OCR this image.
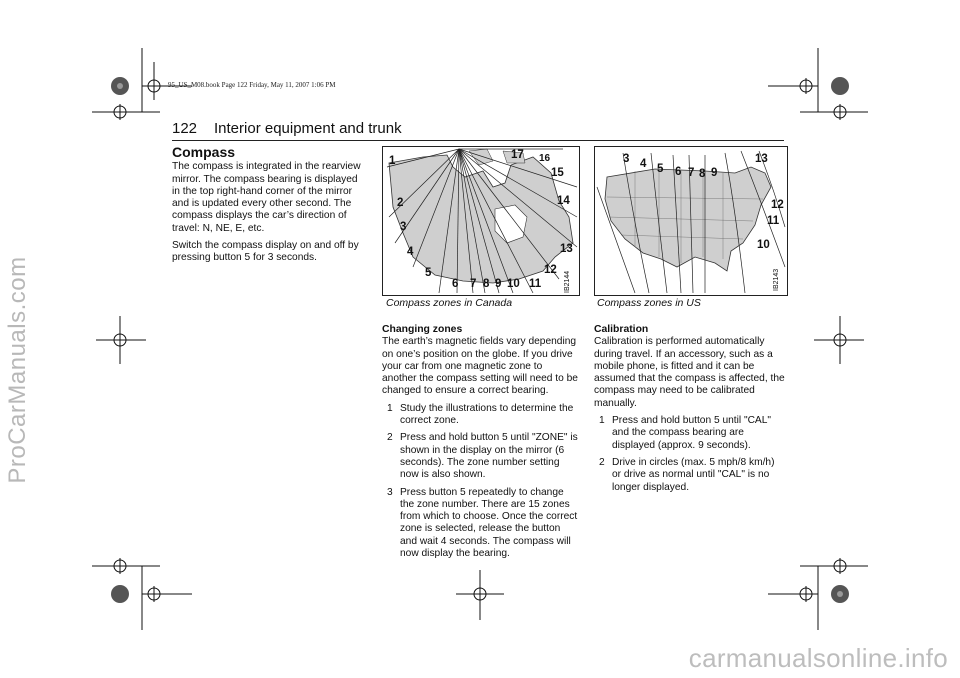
ProCarManuals.com
carmanualsonline.info
95_US_M08.book Page 122 Friday, May 11, 2007 1:06 PM
122 Interior equipment and trunk
Compass

The compass is integrated in the rearview mirror. The compass bearing is displayed in the top right-hand corner of the mirror and is updated every other second. The compass displays the car’s direction of travel: N, NE, E, etc.

Switch the compass display on and off by pressing button 5 for 3 seconds.

1
2
3
4
5
6 7 8 9 10 11
12
13
14
15
16
17
IB2144
Compass zones in Canada
3 4 5 6 7 8 9
10
11
12
13
IB2143
Compass zones in US
Changing zones

The earth’s magnetic fields vary depending on one’s position on the globe. If you drive your car from one magnetic zone to another the compass setting will need to be changed to ensure a correct bearing.

1 Study the illustrations to determine the correct zone.
2 Press and hold button 5 until "ZONE" is shown in the display on the mirror (6 seconds). The zone number setting now is also shown.
3 Press button 5 repeatedly to change the zone number. There are 15 zones from which to choose. Once the correct zone is selected, release the button and wait 4 seconds. The compass will now display the bearing.
Calibration

Calibration is performed automatically during travel. If an accessory, such as a mobile phone, is fitted and it can be assumed that the compass is affected, the compass may need to be calibrated manually.

1 Press and hold button 5 until "CAL" and the compass bearing are displayed (approx. 9 seconds).
2 Drive in circles (max. 5 mph/8 km/h) or drive as normal until "CAL" is no longer displayed.
